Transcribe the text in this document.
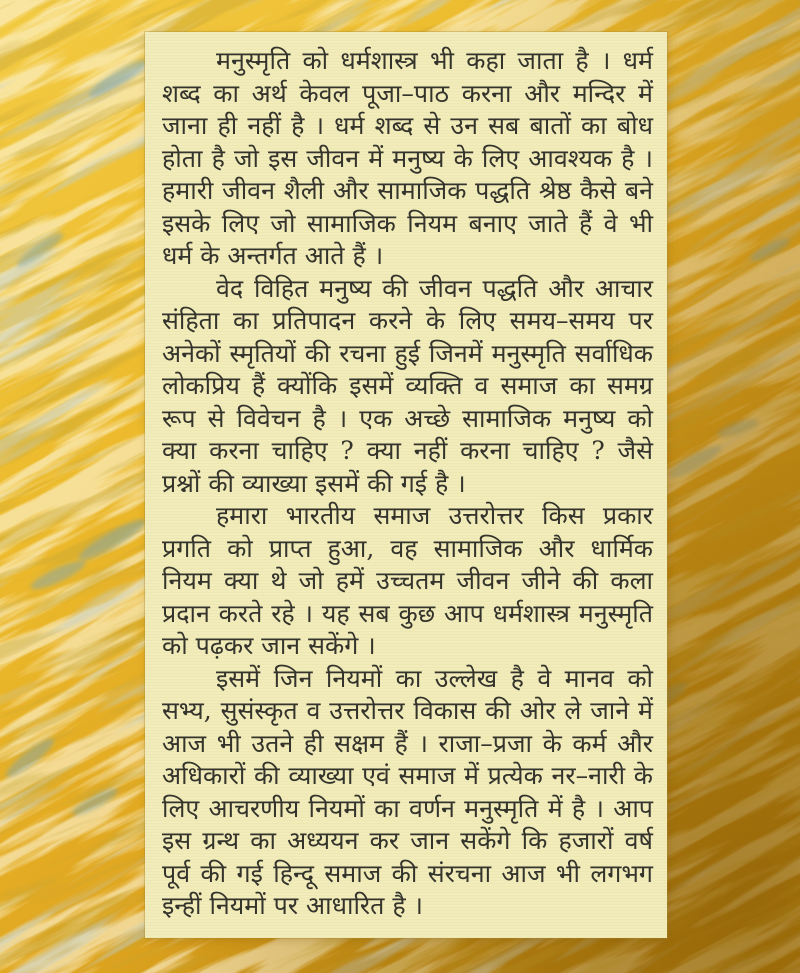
मनुस्मृति को धर्मशास्त्र भी कहा जाता है । धर्म शब्द का अर्थ केवल पूजा–पाठ करना और मन्दिर में जाना ही नहीं है । धर्म शब्द से उन सब बातों का बोध होता है जो इस जीवन में मनुष्य के लिए आवश्यक है । हमारी जीवन शैली और सामाजिक पद्धति श्रेष्ठ कैसे बने इसके लिए जो सामाजिक नियम बनाए जाते हैं वे भी धर्म के अन्तर्गत आते हैं ।

वेद विहित मनुष्य की जीवन पद्धति और आचार संहिता का प्रतिपादन करने के लिए समय–समय पर अनेकों स्मृतियों की रचना हुई जिनमें मनुस्मृति सर्वाधिक लोकप्रिय हैं क्योंकि इसमें व्यक्ति व समाज का समग्र रूप से विवेचन है । एक अच्छे सामाजिक मनुष्य को क्या करना चाहिए ? क्या नहीं करना चाहिए ? जैसे प्रश्नों की व्याख्या इसमें की गई है ।

हमारा भारतीय समाज उत्तरोत्तर किस प्रकार प्रगति को प्राप्त हुआ, वह सामाजिक और धार्मिक नियम क्या थे जो हमें उच्चतम जीवन जीने की कला प्रदान करते रहे । यह सब कुछ आप धर्मशास्त्र मनुस्मृति को पढ़कर जान सकेंगे ।

इसमें जिन नियमों का उल्लेख है वे मानव को सभ्य, सुसंस्कृत व उत्तरोत्तर विकास की ओर ले जाने में आज भी उतने ही सक्षम हैं । राजा–प्रजा के कर्म और अधिकारों की व्याख्या एवं समाज में प्रत्येक नर–नारी के लिए आचरणीय नियमों का वर्णन मनुस्मृति में है । आप इस ग्रन्थ का अध्ययन कर जान सकेंगे कि हजारों वर्ष पूर्व की गई हिन्दू समाज की संरचना आज भी लगभग इन्हीं नियमों पर आधारित है ।
